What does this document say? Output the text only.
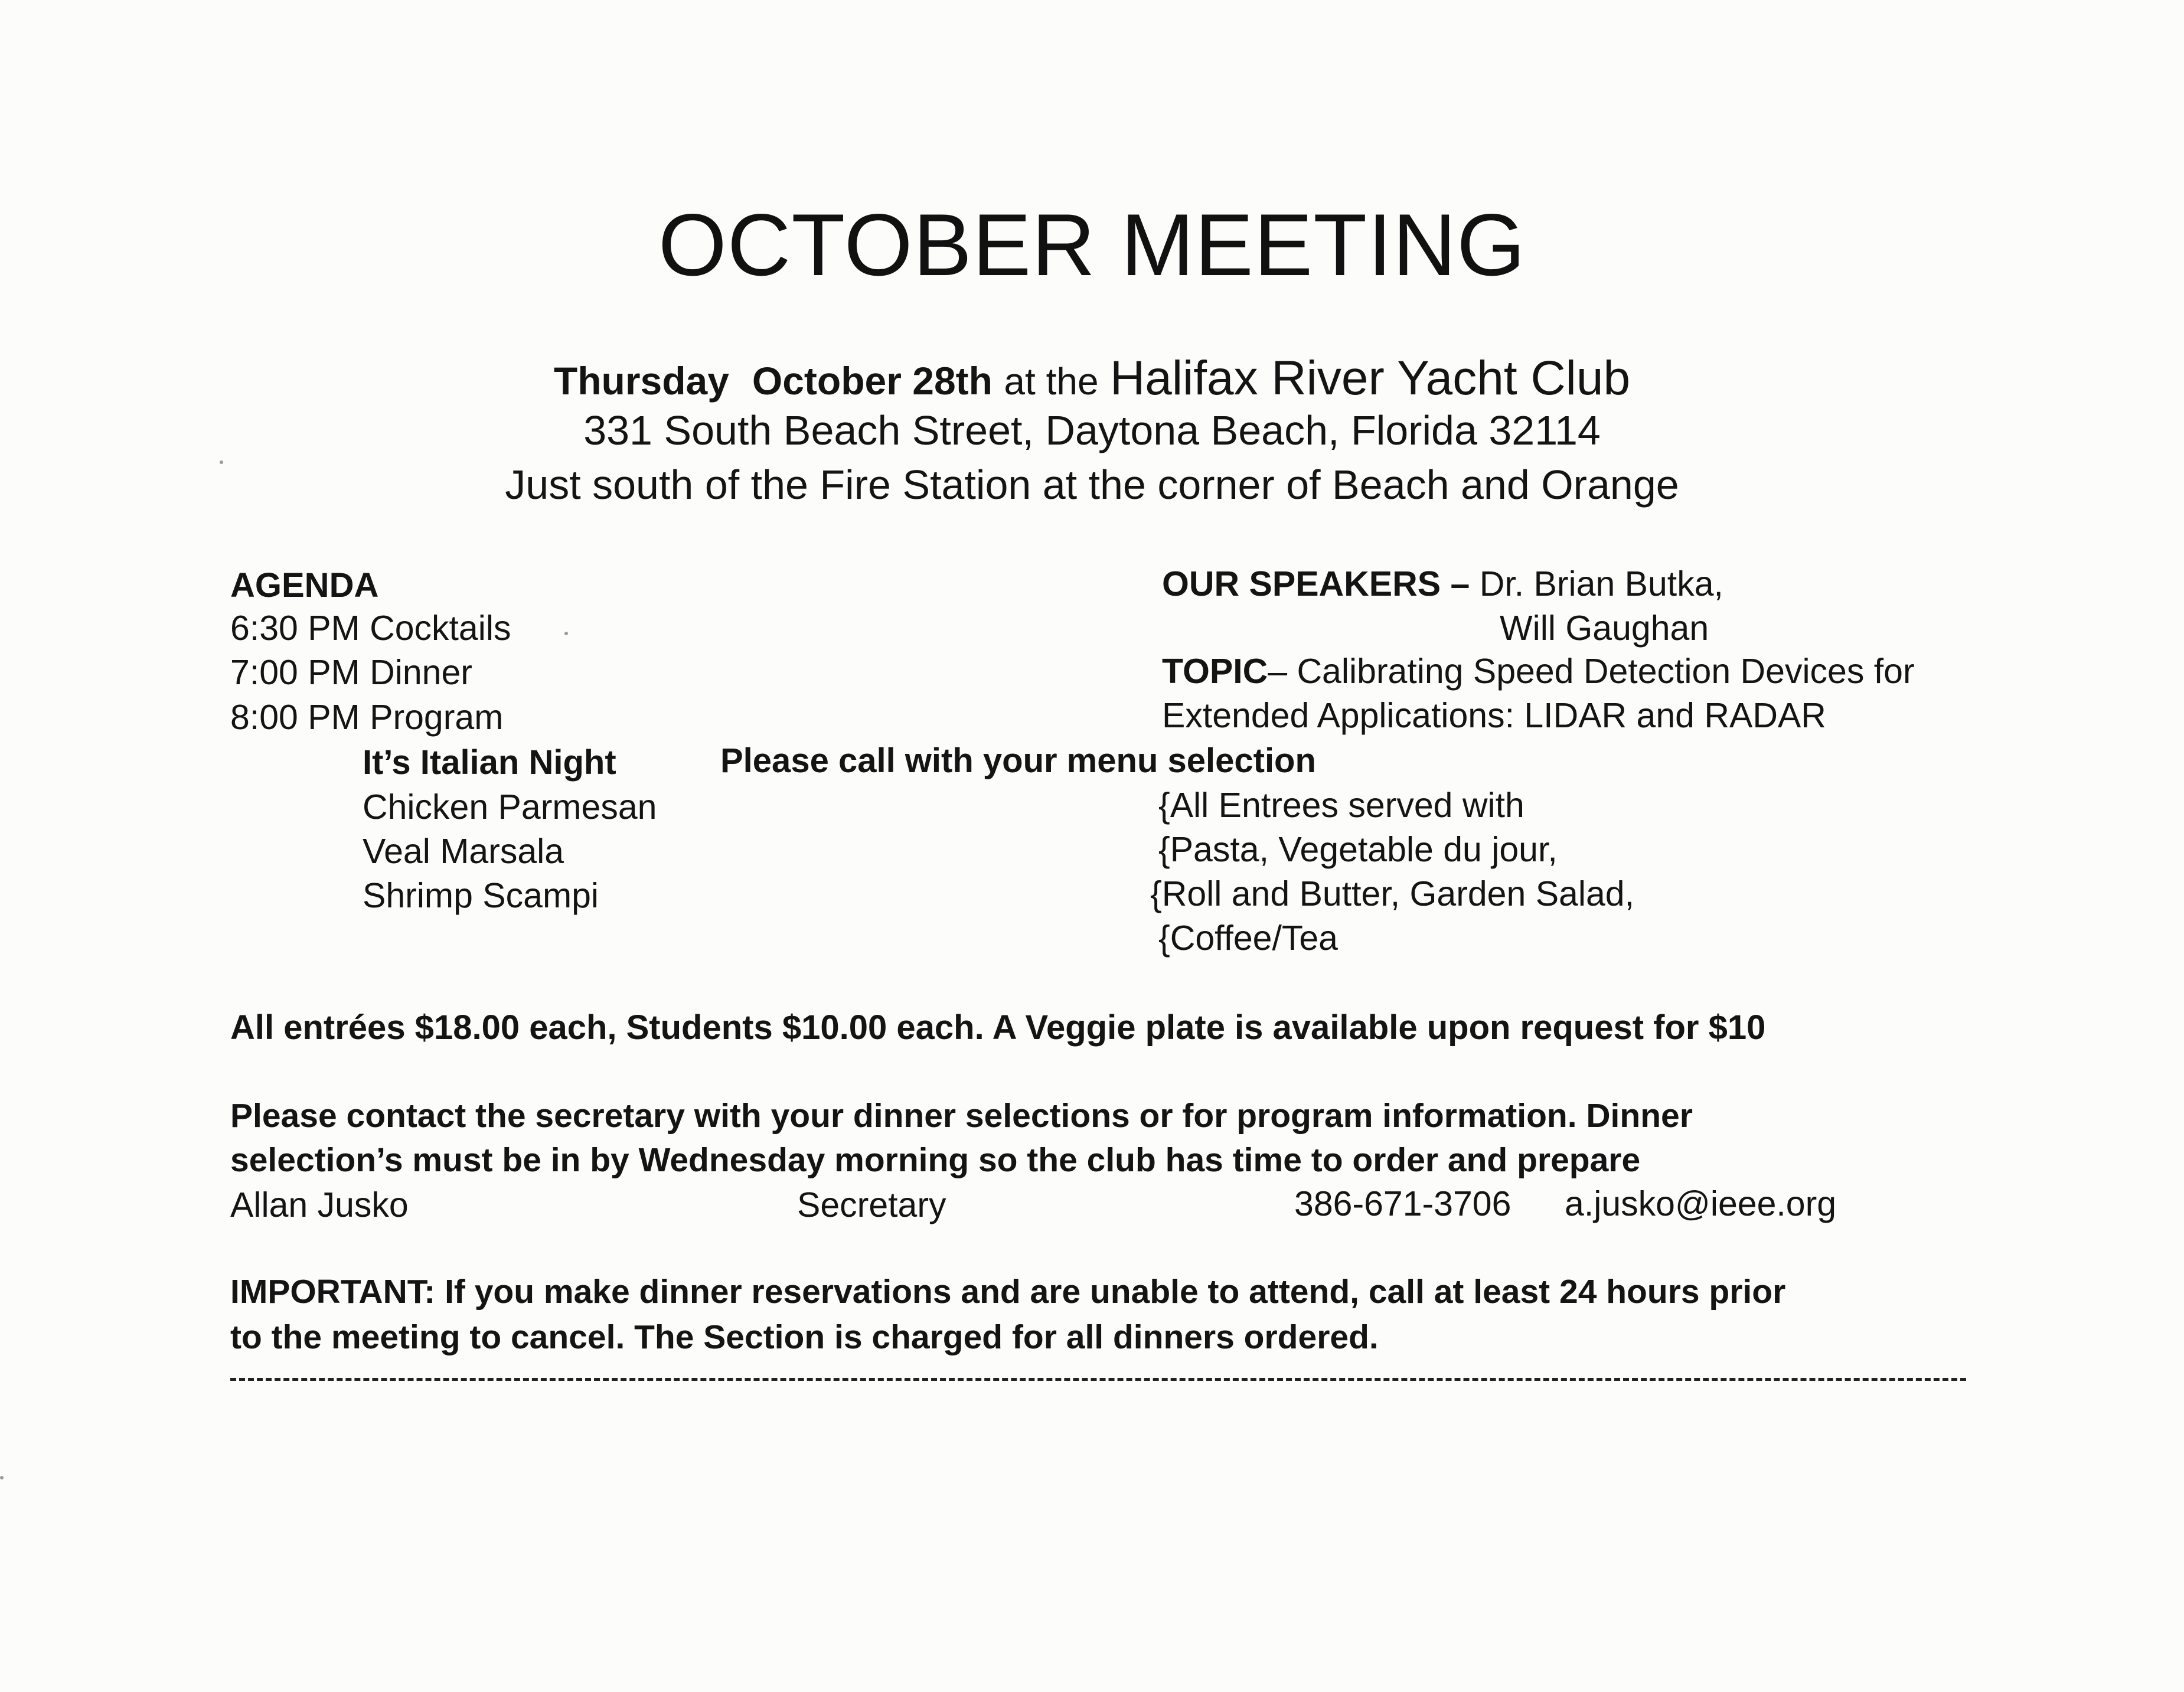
OCTOBER MEETING
Thursday October 28th at the Halifax River Yacht Club
331 South Beach Street, Daytona Beach, Florida 32114
Just south of the Fire Station at the corner of Beach and Orange
AGENDA
6:30 PM Cocktails
7:00 PM Dinner
8:00 PM Program
OUR SPEAKERS – Dr. Brian Butka,
Will Gaughan
TOPIC– Calibrating Speed Detection Devices for
Extended Applications: LIDAR and RADAR
It’s Italian Night	Please call with your menu selection
Chicken Parmesan
Veal Marsala
Shrimp Scampi
{All Entrees served with
{Pasta, Vegetable du jour,
{Roll and Butter, Garden Salad,
{Coffee/Tea
All entrées $18.00 each, Students $10.00 each. A Veggie plate is available upon request for $10
Please contact the secretary with your dinner selections or for program information. Dinner
selection’s must be in by Wednesday morning so the club has time to order and prepare
Allan Jusko	Secretary	386-671-3706 a.jusko@ieee.org
IMPORTANT: If you make dinner reservations and are unable to attend, call at least 24 hours prior
to the meeting to cancel. The Section is charged for all dinners ordered.
